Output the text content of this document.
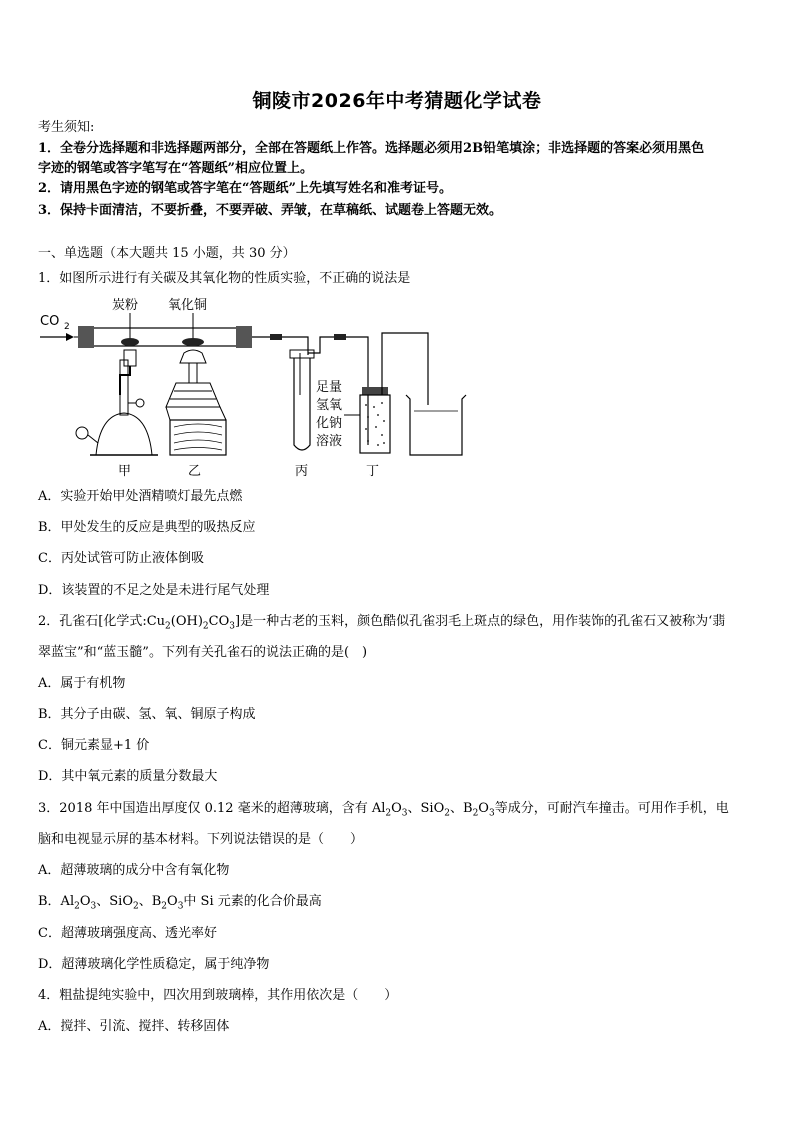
铜陵市2026年中考猜题化学试卷
考生须知:
1．全卷分选择题和非选择题两部分，全部在答题纸上作答。选择题必须用2B铅笔填涂；非选择题的答案必须用黑色
字迹的钢笔或答字笔写在“答题纸”相应位置上。
2．请用黑色字迹的钢笔或答字笔在“答题纸”上先填写姓名和准考证号。
3．保持卡面清洁，不要折叠，不要弄破、弄皱，在草稿纸、试题卷上答题无效。
一、单选题（本大题共 15 小题，共 30 分）
1．如图所示进行有关碳及其氧化物的性质实验，不正确的说法是
CO 2
炭粉 氧化铜
甲	乙	丙	丁
足量
氢氧
化钠
溶液
A．实验开始甲处酒精喷灯最先点燃
B．甲处发生的反应是典型的吸热反应
C．丙处试管可防止液体倒吸
D．该装置的不足之处是未进行尾气处理
2．孔雀石[化学式$:Cu_2(OH)_2CO_3$]是一种古老的玉料，颜色酷似孔雀羽毛上斑点的绿色，用作装饰的孔雀石又被称为‘翡
翠蓝宝”和“蓝玉髓”。下列有关孔雀石的说法正确的是(　)
A．属于有机物
B．其分子由碳、氢、氧、铜原子构成
C．铜元素显+1 价
D．其中氧元素的质量分数最大
3．2018 年中国造出厚度仅 0.12 毫米的超薄玻璃，含有 $Al_2O_3$、SiO$_2$、$B_2O_3$等成分，可耐汽车撞击。可用作手机，电
脑和电视显示屏的基本材料。下列说法错误的是（　　）
A．超薄玻璃的成分中含有氧化物
B．$Al_2O_3$、SiO$_2$、$B_2O_3$中 Si 元素的化合价最高
C．超薄玻璃强度高、透光率好
D．超薄玻璃化学性质稳定，属于纯净物
4．粗盐提纯实验中，四次用到玻璃棒，其作用依次是（　　）
A．搅拌、引流、搅拌、转移固体
